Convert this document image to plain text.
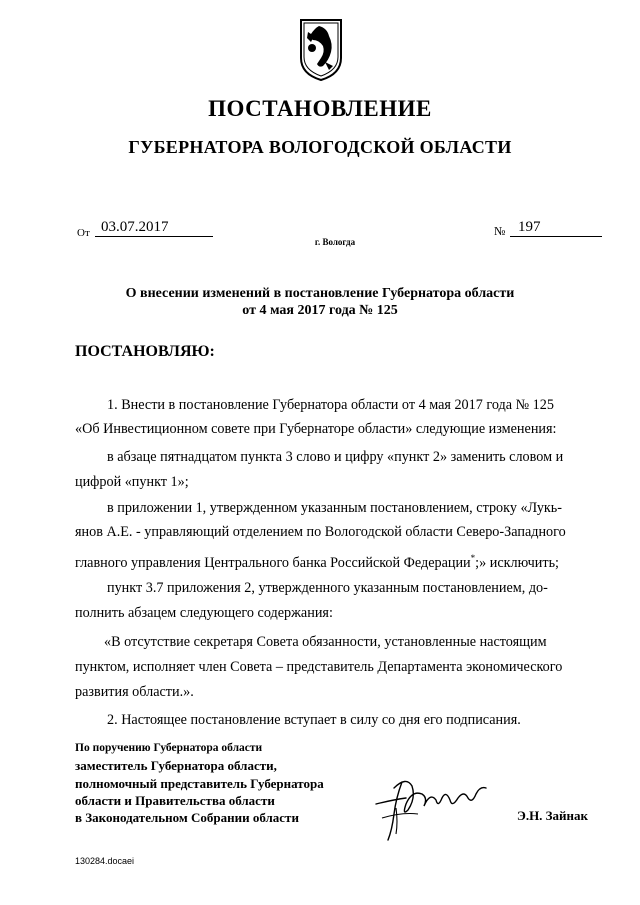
ПОСТАНОВЛЕНИЕ
ГУБЕРНАТОРА ВОЛОГОДСКОЙ ОБЛАСТИ
От 03.07.2017	№ 197
г. Вологда
О внесении изменений в постановление Губернатора области
от 4 мая 2017 года № 125
ПОСТАНОВЛЯЮ:
1. Внести в постановление Губернатора области от 4 мая 2017 года № 125
«Об Инвестиционном совете при Губернаторе области» следующие изменения:
в абзаце пятнадцатом пункта 3 слово и цифру «пункт 2» заменить словом и
цифрой «пункт 1»;
в приложении 1, утвержденном указанным постановлением, строку «Лукь-
янов А.Е. - управляющий отделением по Вологодской области Северо-Западного
главного управления Центрального банка Российской Федерации*;» исключить;
пункт 3.7 приложения 2, утвержденного указанным постановлением, до-
полнить абзацем следующего содержания:
«В отсутствие секретаря Совета обязанности, установленные настоящим
пунктом, исполняет член Совета – представитель Департамента экономического
развития области.».
2. Настоящее постановление вступает в силу со дня его подписания.
По поручению Губернатора области
заместитель Губернатора области,
полномочный представитель Губернатора
области и Правительства области
в Законодательном Собрании области	Э.Н. Зайнак
130284.docaei
